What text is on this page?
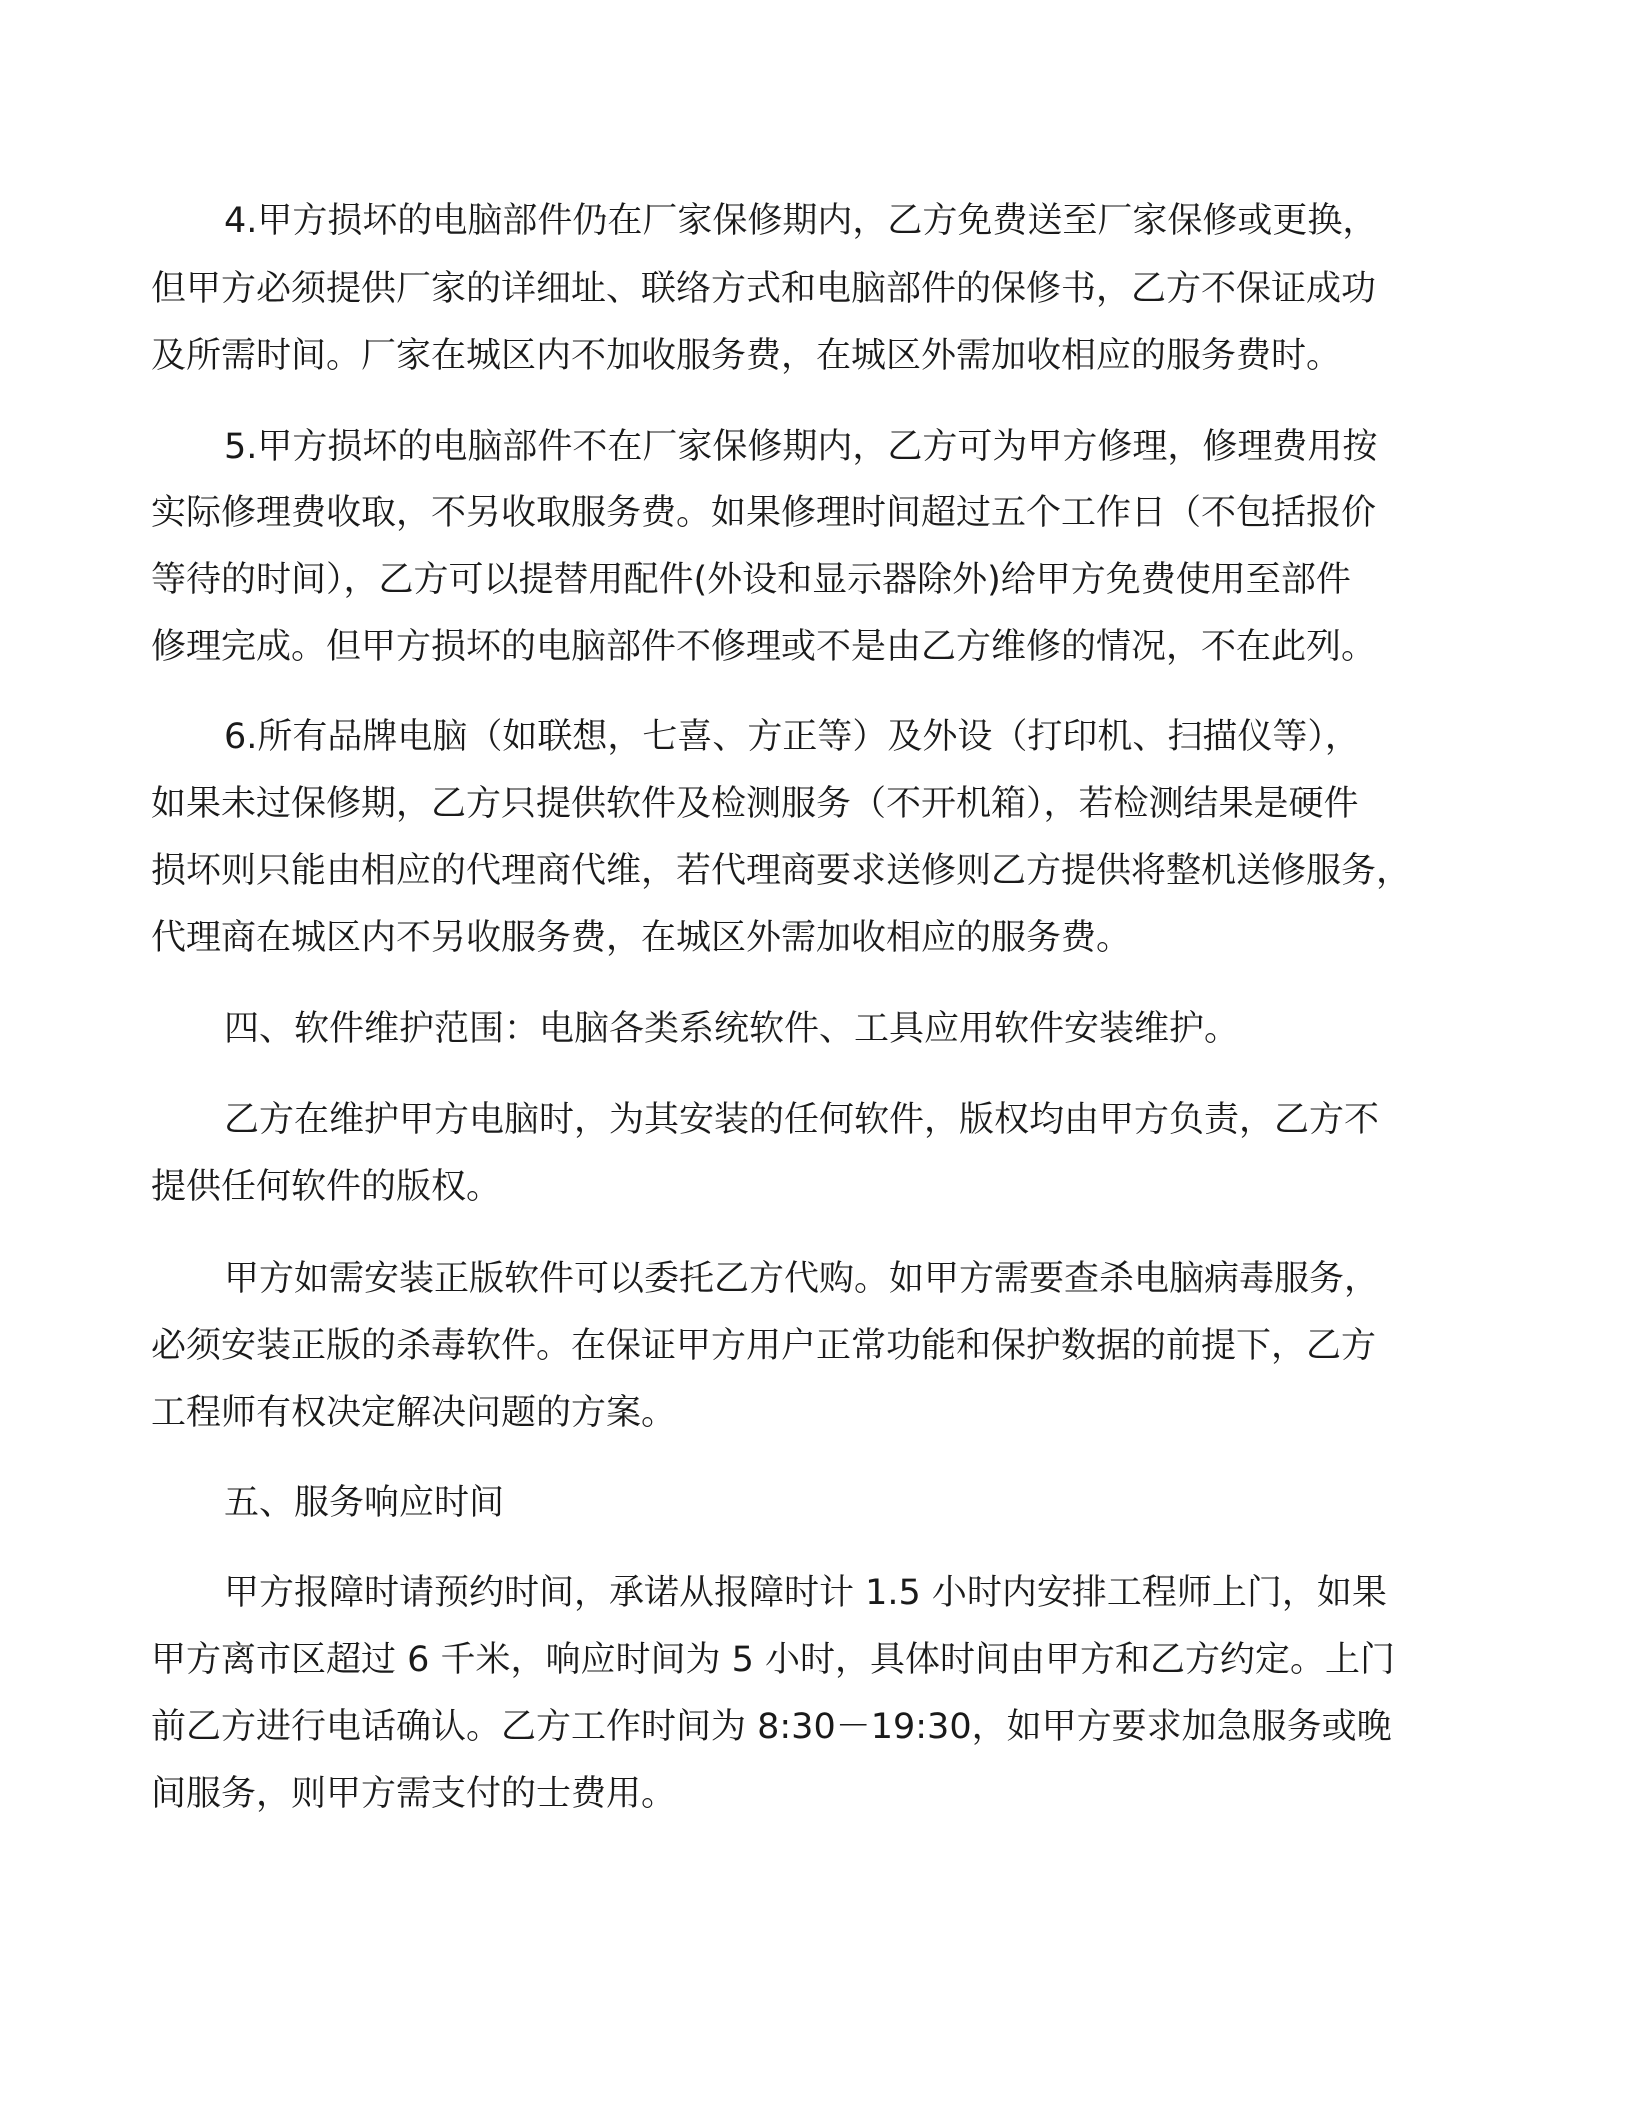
4.甲方损坏的电脑部件仍在厂家保修期内，乙方免费送至厂家保修或更换，

但甲方必须提供厂家的详细址、联络方式和电脑部件的保修书，乙方不保证成功

及所需时间。厂家在城区内不加收服务费，在城区外需加收相应的服务费时。

5.甲方损坏的电脑部件不在厂家保修期内，乙方可为甲方修理，修理费用按

实际修理费收取，不另收取服务费。如果修理时间超过五个工作日（不包括报价

等待的时间），乙方可以提替用配件(外设和显示器除外)给甲方免费使用至部件

修理完成。但甲方损坏的电脑部件不修理或不是由乙方维修的情况，不在此列。

6.所有品牌电脑（如联想，七喜、方正等）及外设（打印机、扫描仪等），

如果未过保修期，乙方只提供软件及检测服务（不开机箱），若检测结果是硬件

损坏则只能由相应的代理商代维，若代理商要求送修则乙方提供将整机送修服务，

代理商在城区内不另收服务费，在城区外需加收相应的服务费。

四、软件维护范围：电脑各类系统软件、工具应用软件安装维护。

乙方在维护甲方电脑时，为其安装的任何软件，版权均由甲方负责，乙方不

提供任何软件的版权。

甲方如需安装正版软件可以委托乙方代购。如甲方需要查杀电脑病毒服务，

必须安装正版的杀毒软件。在保证甲方用户正常功能和保护数据的前提下，乙方

工程师有权决定解决问题的方案。

五、服务响应时间

甲方报障时请预约时间，承诺从报障时计 1.5 小时内安排工程师上门，如果

甲方离市区超过 6 千米，响应时间为 5 小时，具体时间由甲方和乙方约定。上门

前乙方进行电话确认。乙方工作时间为 8:30－19:30，如甲方要求加急服务或晚

间服务，则甲方需支付的士费用。
